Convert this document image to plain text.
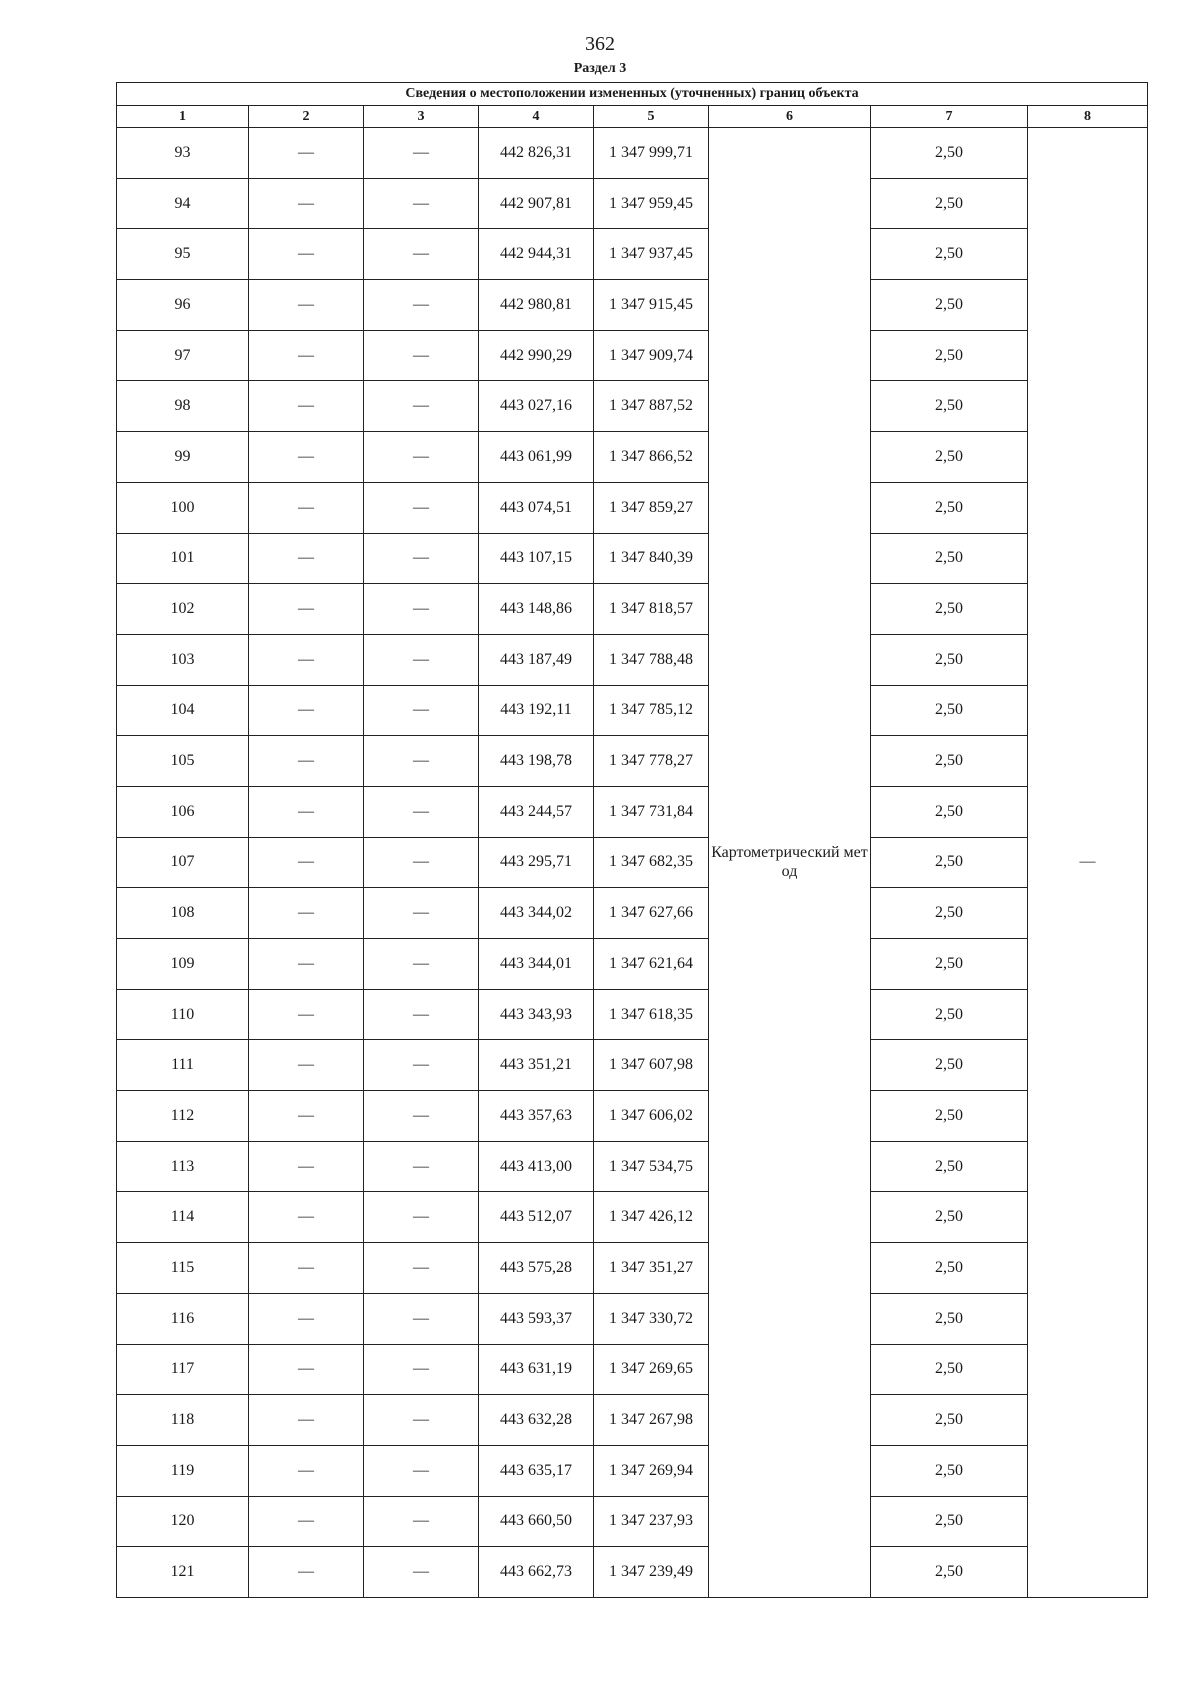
362
Раздел 3
Сведения о местоположении измененных (уточненных) границ объекта							
1	2	3	4	5	6	7	8
93	—	—	442 826,31	1 347 999,71	Картометрический метод	2,50	—
94	—	—	442 907,81	1 347 959,45		2,50	
95	—	—	442 944,31	1 347 937,45		2,50	
96	—	—	442 980,81	1 347 915,45		2,50	
97	—	—	442 990,29	1 347 909,74		2,50	
98	—	—	443 027,16	1 347 887,52		2,50	
99	—	—	443 061,99	1 347 866,52		2,50	
100	—	—	443 074,51	1 347 859,27		2,50	
101	—	—	443 107,15	1 347 840,39		2,50	
102	—	—	443 148,86	1 347 818,57		2,50	
103	—	—	443 187,49	1 347 788,48		2,50	
104	—	—	443 192,11	1 347 785,12		2,50	
105	—	—	443 198,78	1 347 778,27		2,50	
106	—	—	443 244,57	1 347 731,84		2,50	
107	—	—	443 295,71	1 347 682,35		2,50	
108	—	—	443 344,02	1 347 627,66		2,50	
109	—	—	443 344,01	1 347 621,64		2,50	
110	—	—	443 343,93	1 347 618,35		2,50	
111	—	—	443 351,21	1 347 607,98		2,50	
112	—	—	443 357,63	1 347 606,02		2,50	
113	—	—	443 413,00	1 347 534,75		2,50	
114	—	—	443 512,07	1 347 426,12		2,50	
115	—	—	443 575,28	1 347 351,27		2,50	
116	—	—	443 593,37	1 347 330,72		2,50	
117	—	—	443 631,19	1 347 269,65		2,50	
118	—	—	443 632,28	1 347 267,98		2,50	
119	—	—	443 635,17	1 347 269,94		2,50	
120	—	—	443 660,50	1 347 237,93		2,50	
121	—	—	443 662,73	1 347 239,49		2,50	
